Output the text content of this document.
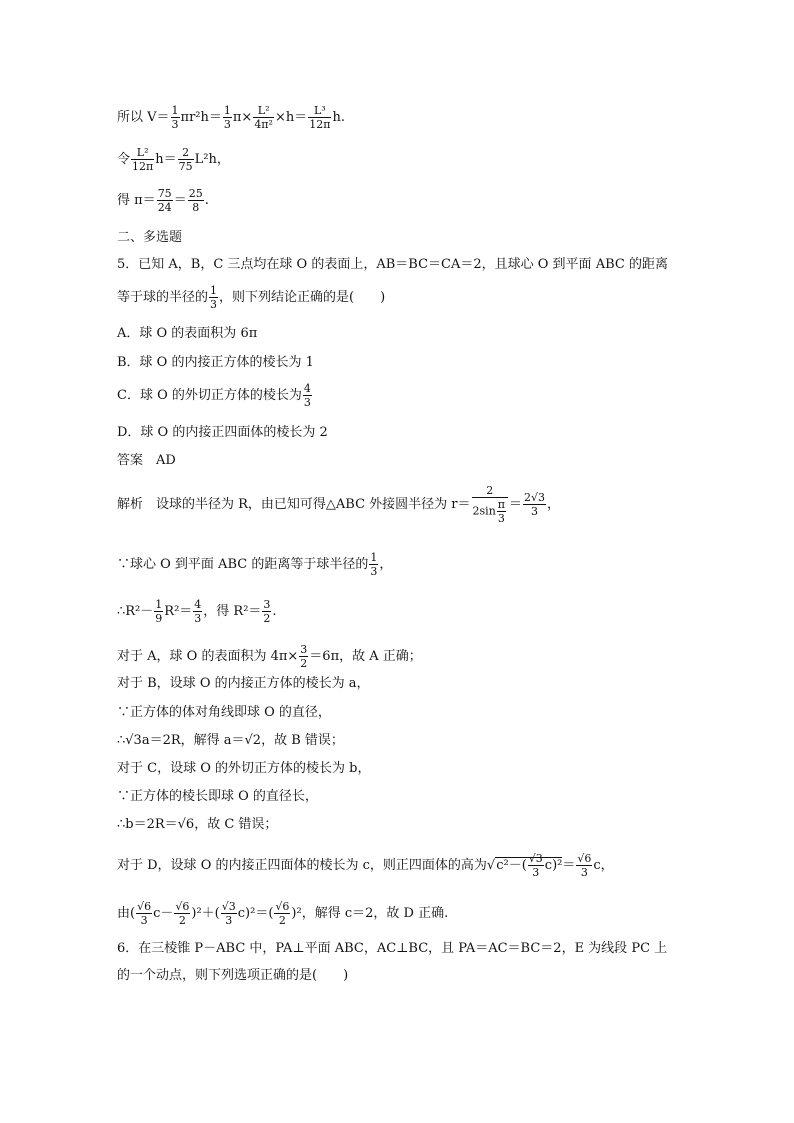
所以 $V= \frac{1}{3} \pi r^2h= \frac{1}{3} \pi\times \frac{\text{L²}}{\text{4π²}} \times h= \frac{\text{L³}}{12\pi} h$.
令 $\frac{\text{L²}}{12\pi} h= \frac{2}{75} L^2h$，
得 $\pi= \frac{75}{24} = \frac{25}{8}$ .
二、多选题
5．已知 A，B，C 三点均在球 O 的表面上，AB＝BC＝CA＝2，且球心 O 到平面 ABC 的距离
等于球的半径的 $\frac{1}{3}$ ，则下列结论正确的是(　　)
A．球 O 的表面积为 6π
B．球 O 的内接正方体的棱长为 1
C．球 O 的外切正方体的棱长为 $\frac{4}{3}$
D．球 O 的内接正四面体的棱长为 2
答案　AD
解析　设球的半径为 R，由已知可得△ABC 外接圆半径为 $r= \frac{2}{2\sin \frac{\pi}{3}} = \frac{2√3}{3}$ ，
∵球心 O 到平面 ABC 的距离等于球半径的 $\frac{1}{3}$ ，
∴R²－ $\frac{1}{9} R^2= \frac{4}{3}$ ，得 $R^2= \frac{3}{2}$ .
对于 A，球 O 的表面积为 $4\pi\times \frac{3}{2} =6\pi$，故 A 正确；
对于 B，设球 O 的内接正方体的棱长为 a，
∵正方体的体对角线即球 O 的直径，
∴√3a＝2R，解得 a＝√2，故 B 错误；
对于 C，设球 O 的外切正方体的棱长为 b，
∵正方体的棱长即球 O 的直径长，
∴b＝2R＝√6，故 C 错误；
对于 D，设球 O 的内接正四面体的棱长为 c，则正四面体的高为$√c^2-( \frac{√3}{3} c)^2= \frac{√6}{3}$ c，
由( $\frac{√6}{3} c- \frac{√6}{2} )^2+( \frac{√3}{3} c)^2=( \frac{√6}{2} )^2$，解得 c＝2，故 D 正确.
6．在三棱锥 P－ABC 中，PA⊥平面 ABC，AC⊥BC，且 PA＝AC＝BC＝2，E 为线段 PC 上
的一个动点，则下列选项正确的是(　　)
